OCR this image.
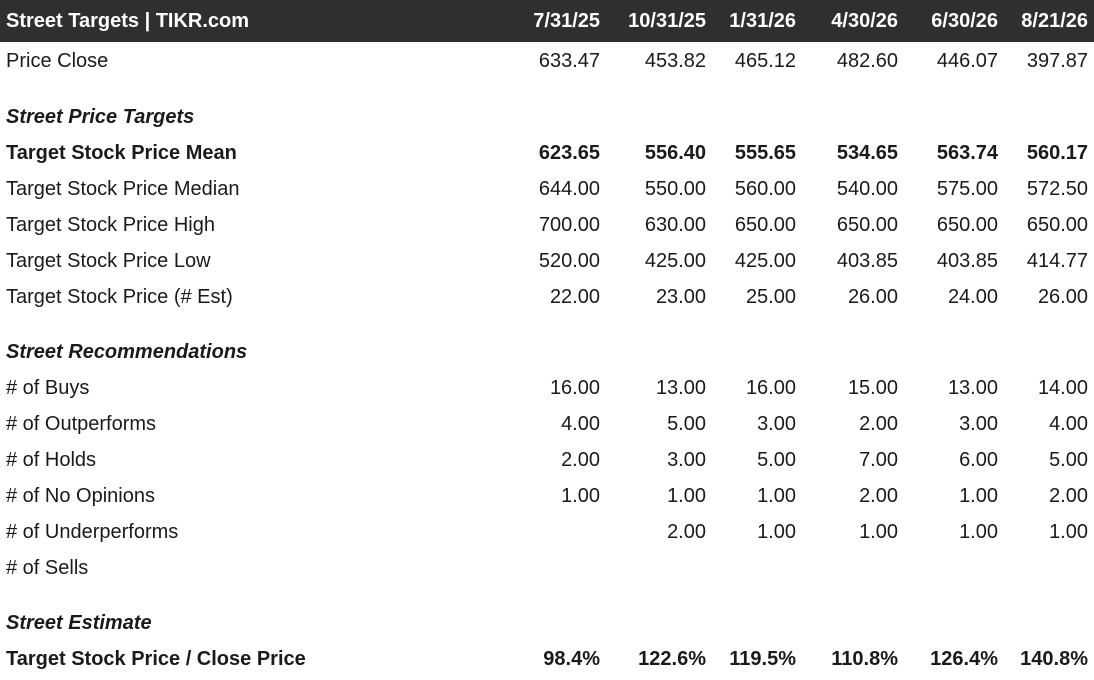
Street Targets | TIKR.com	7/31/25	10/31/25	1/31/26	4/30/26	6/30/26	8/21/26
Price Close	633.47	453.82	465.12	482.60	446.07	397.87

Street Price Targets						
Target Stock Price Mean	623.65	556.40	555.65	534.65	563.74	560.17
Target Stock Price Median	644.00	550.00	560.00	540.00	575.00	572.50
Target Stock Price High	700.00	630.00	650.00	650.00	650.00	650.00
Target Stock Price Low	520.00	425.00	425.00	403.85	403.85	414.77
Target Stock Price (# Est)	22.00	23.00	25.00	26.00	24.00	26.00

Street Recommendations						
# of Buys	16.00	13.00	16.00	15.00	13.00	14.00
# of Outperforms	4.00	5.00	3.00	2.00	3.00	4.00
# of Holds	2.00	3.00	5.00	7.00	6.00	5.00
# of No Opinions	1.00	1.00	1.00	2.00	1.00	2.00
# of Underperforms		2.00	1.00	1.00	1.00	1.00
# of Sells						

Street Estimate						
Target Stock Price / Close Price	98.4%	122.6%	119.5%	110.8%	126.4%	140.8%
